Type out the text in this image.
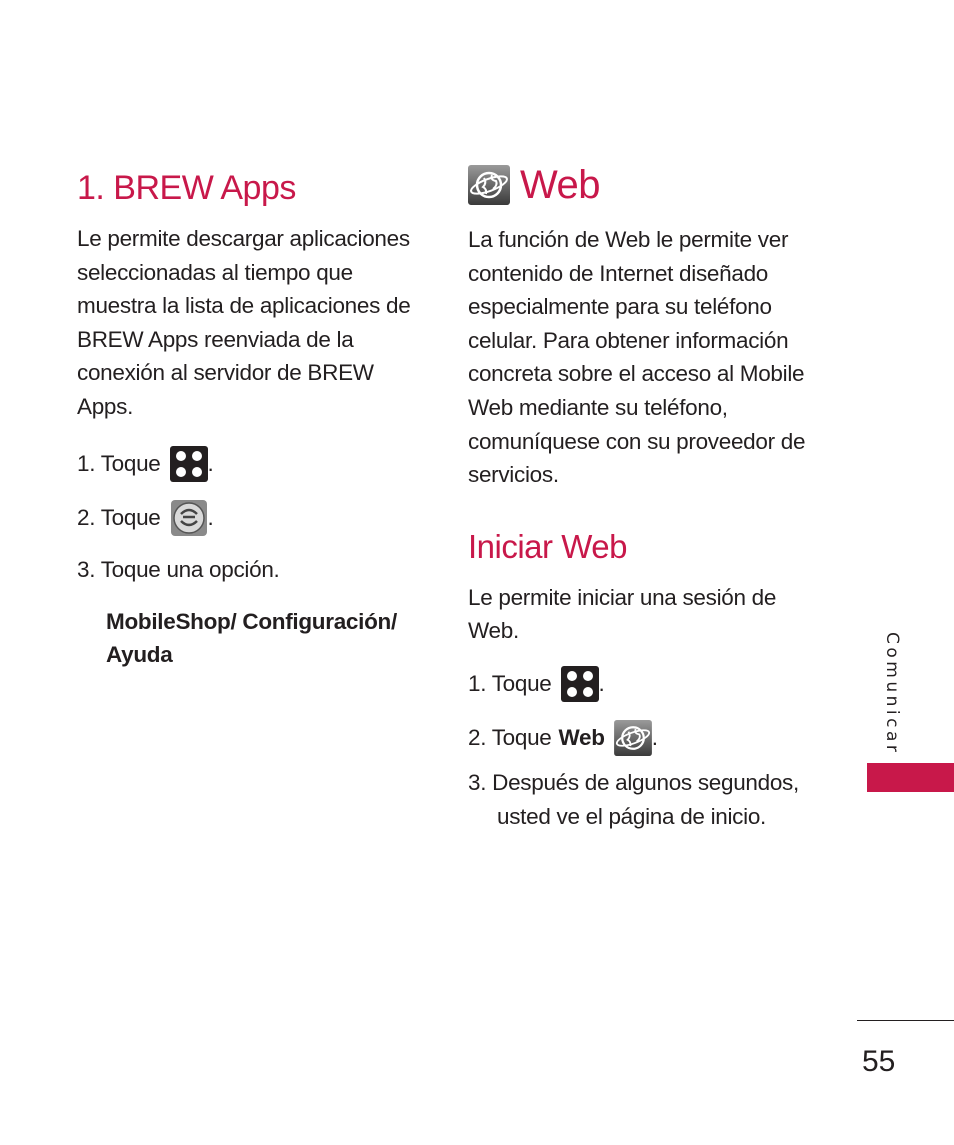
1. BREW Apps

Le permite descargar aplicaciones seleccionadas al tiempo que muestra la lista de aplicaciones de BREW Apps reenviada de la conexión al servidor de BREW Apps.

1. Toque .
2. Toque .
3. Toque una opción.
MobileShop/ Configuración/ Ayuda
Web

La función de Web le permite ver contenido de Internet diseñado especialmente para su teléfono celular. Para obtener información concreta sobre el acceso al Mobile Web mediante su teléfono, comuníquese con su proveedor de servicios.

Iniciar Web

Le permite iniciar una sesión de Web.

1. Toque .
2. Toque Web .
3. Después de algunos segundos, usted ve el página de inicio.
Comunicar
55
